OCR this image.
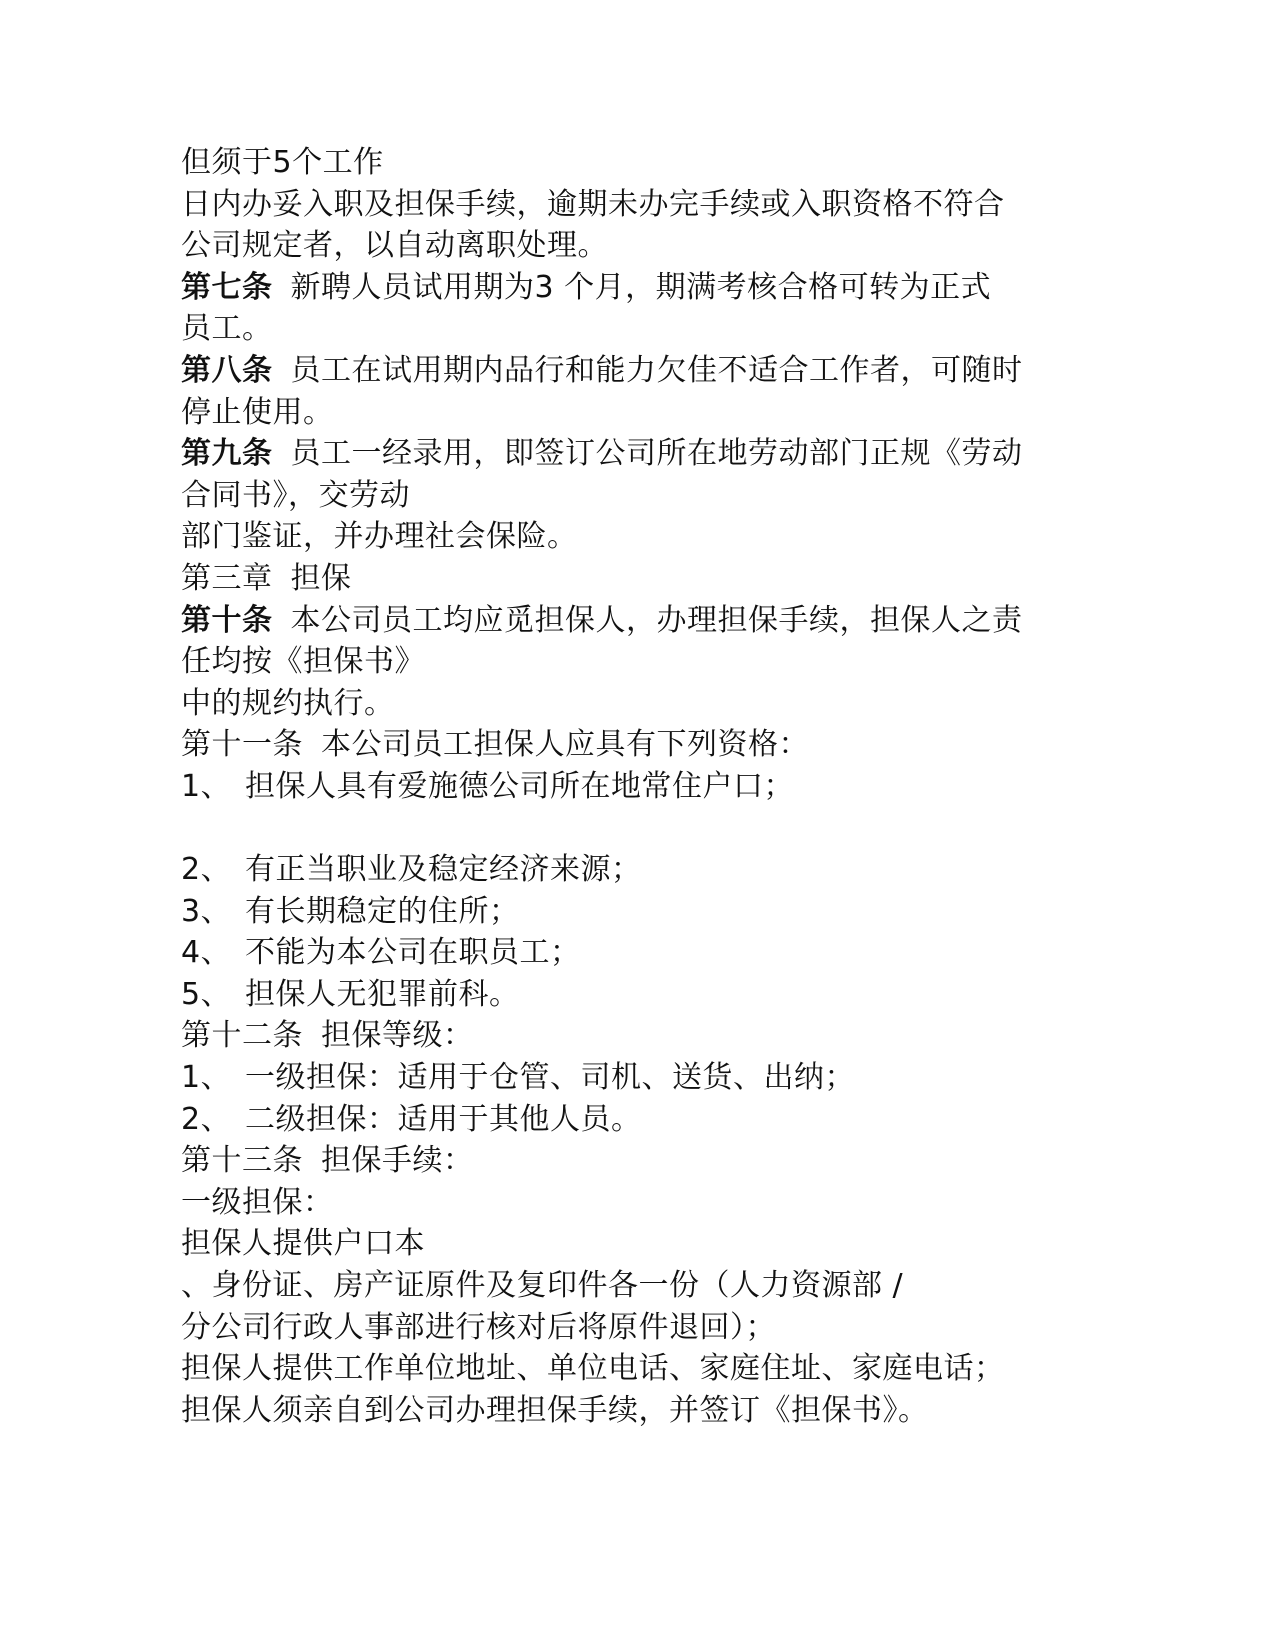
但须于5个工作
日内办妥入职及担保手续，逾期未办完手续或入职资格不符合
公司规定者，以自动离职处理。
第七条 新聘人员试用期为3 个月，期满考核合格可转为正式
员工。
第八条 员工在试用期内品行和能力欠佳不适合工作者，可随时
停止使用。
第九条 员工一经录用，即签订公司所在地劳动部门正规《劳动
合同书》，交劳动
部门鉴证，并办理社会保险。
第三章 担保
第十条 本公司员工均应觅担保人，办理担保手续，担保人之责
任均按《担保书》
中的规约执行。
第十一条 本公司员工担保人应具有下列资格：
1、 担保人具有爱施德公司所在地常住户口；
2、 有正当职业及稳定经济来源；
3、 有长期稳定的住所；
4、 不能为本公司在职员工；
5、 担保人无犯罪前科。
第十二条 担保等级：
1、 一级担保：适用于仓管、司机、送货、出纳；
2、 二级担保：适用于其他人员。
第十三条 担保手续：
一级担保：
担保人提供户口本
、身份证、房产证原件及复印件各一份（人力资源部 /
分公司行政人事部进行核对后将原件退回）；
担保人提供工作单位地址、单位电话、家庭住址、家庭电话；
担保人须亲自到公司办理担保手续，并签订《担保书》。
